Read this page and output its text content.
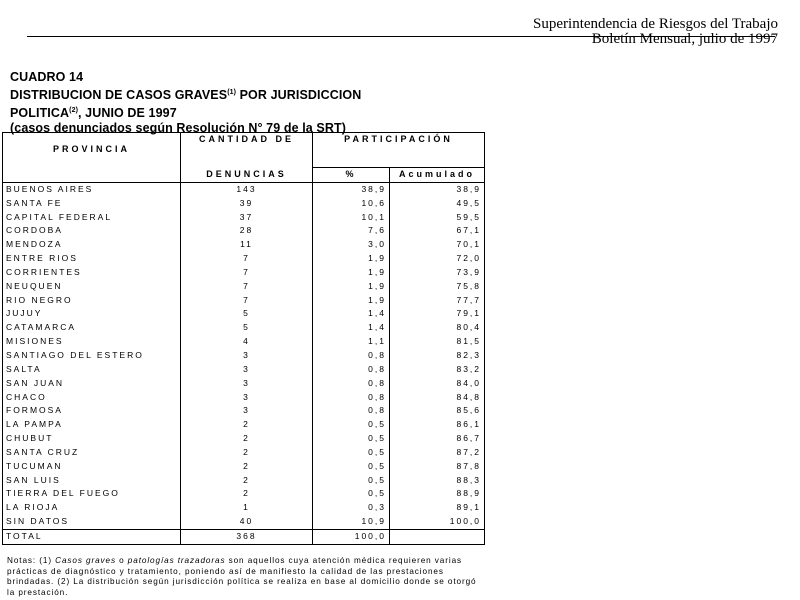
Superintendencia de Riesgos del Trabajo
Boletín Mensual, julio de 1997
CUADRO 14
DISTRIBUCION DE CASOS GRAVES$^{(1)}$ POR JURISDICCION
POLITICA$^{(2)}$, JUNIO DE 1997
(casos denunciados según Resolución N° 79 de la SRT)
PROVINCIA	CANTIDAD DE	PARTICIPACIÓN	

	DENUNCIAS	%	Acumulado
BUENOS AIRES	143	38,9	38,9
SANTA FE	39	10,6	49,5
CAPITAL FEDERAL	37	10,1	59,5
CORDOBA	28	7,6	67,1
MENDOZA	11	3,0	70,1
ENTRE RIOS	7	1,9	72,0
CORRIENTES	7	1,9	73,9
NEUQUEN	7	1,9	75,8
RIO NEGRO	7	1,9	77,7
JUJUY	5	1,4	79,1
CATAMARCA	5	1,4	80,4
MISIONES	4	1,1	81,5
SANTIAGO DEL ESTERO	3	0,8	82,3
SALTA	3	0,8	83,2
SAN JUAN	3	0,8	84,0
CHACO	3	0,8	84,8
FORMOSA	3	0,8	85,6
LA PAMPA	2	0,5	86,1
CHUBUT	2	0,5	86,7
SANTA CRUZ	2	0,5	87,2
TUCUMAN	2	0,5	87,8
SAN LUIS	2	0,5	88,3
TIERRA DEL FUEGO	2	0,5	88,9
LA RIOJA	1	0,3	89,1
SIN DATOS	40	10,9	100,0
TOTAL	368	100,0	
Notas: (1) Casos graves o patologías trazadoras son aquellos cuya atención médica requieren varias prácticas de diagnóstico y tratamiento, poniendo así de manifiesto la calidad de las prestaciones brindadas. (2) La distribución según jurisdicción política se realiza en base al domicilio donde se otorgó la prestación.
